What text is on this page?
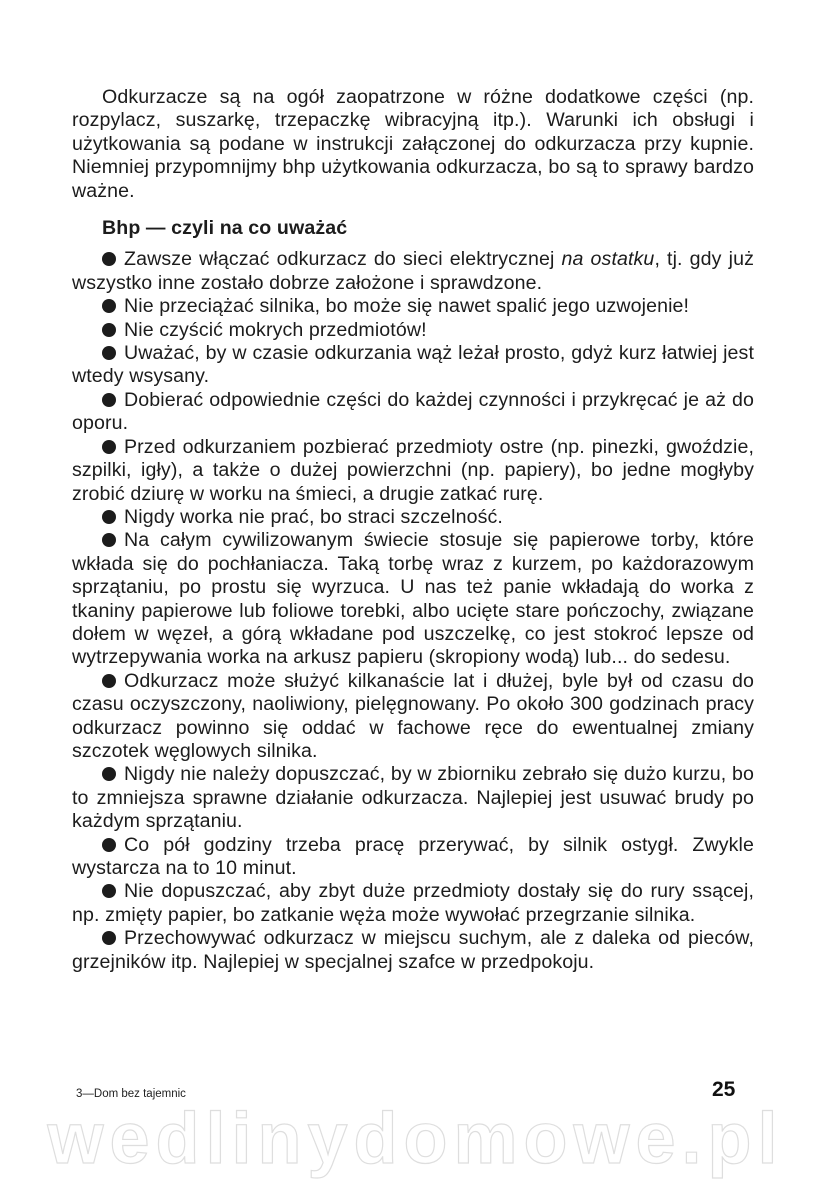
Odkurzacze są na ogół zaopatrzone w różne dodatkowe części (np. rozpylacz, suszarkę, trzepaczkę wibracyjną itp.). Warunki ich obsługi i użytkowania są podane w instrukcji załączonej do odkurzacza przy kupnie. Niemniej przypomnijmy bhp użytkowania odkurzacza, bo są to sprawy bardzo ważne.

Bhp — czyli na co uważać

Zawsze włączać odkurzacz do sieci elektrycznej na ostatku, tj. gdy już wszystko inne zostało dobrze założone i sprawdzone.

Nie przeciążać silnika, bo może się nawet spalić jego uzwojenie!

Nie czyścić mokrych przedmiotów!

Uważać, by w czasie odkurzania wąż leżał prosto, gdyż kurz łatwiej jest wtedy wsysany.

Dobierać odpowiednie części do każdej czynności i przykręcać je aż do oporu.

Przed odkurzaniem pozbierać przedmioty ostre (np. pinezki, gwoździe, szpilki, igły), a także o dużej powierzchni (np. papiery), bo jedne mogłyby zrobić dziurę w worku na śmieci, a drugie zatkać rurę.

Nigdy worka nie prać, bo straci szczelność.

Na całym cywilizowanym świecie stosuje się papierowe torby, które wkłada się do pochłaniacza. Taką torbę wraz z kurzem, po każdorazowym sprzątaniu, po prostu się wyrzuca. U nas też panie wkładają do worka z tkaniny papierowe lub foliowe torebki, albo ucięte stare pończochy, związane dołem w węzeł, a górą wkładane pod uszczelkę, co jest stokroć lepsze od wytrzepywania worka na arkusz papieru (skropiony wodą) lub... do sedesu.

Odkurzacz może służyć kilkanaście lat i dłużej, byle był od czasu do czasu oczyszczony, naoliwiony, pielęgnowany. Po około 300 godzinach pracy odkurzacz powinno się oddać w fachowe ręce do ewentualnej zmiany szczotek węglowych silnika.

Nigdy nie należy dopuszczać, by w zbiorniku zebrało się dużo kurzu, bo to zmniejsza sprawne działanie odkurzacza. Najlepiej jest usuwać brudy po każdym sprzątaniu.

Co pół godziny trzeba pracę przerywać, by silnik ostygł. Zwykle wystarcza na to 10 minut.

Nie dopuszczać, aby zbyt duże przedmioty dostały się do rury ssącej, np. zmięty papier, bo zatkanie węża może wywołać przegrzanie silnika.

Przechowywać odkurzacz w miejscu suchym, ale z daleka od pieców, grzejników itp. Najlepiej w specjalnej szafce w przedpokoju.

3—Dom bez tajemnic	25
wedlinydomowe.pl
